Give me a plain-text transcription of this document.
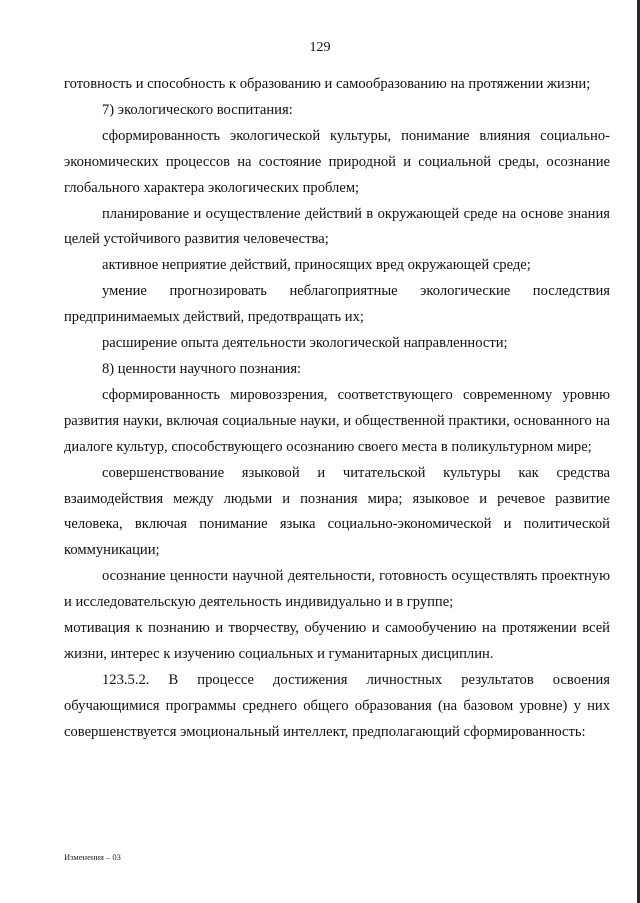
129

готовность и способность к образованию и самообразованию на протяжении жизни;

7) экологического воспитания:

сформированность экологической культуры, понимание влияния социально-экономических процессов на состояние природной и социальной среды, осознание глобального характера экологических проблем;

планирование и осуществление действий в окружающей среде на основе знания целей устойчивого развития человечества;

активное неприятие действий, приносящих вред окружающей среде;

умение прогнозировать неблагоприятные экологические последствия предпринимаемых действий, предотвращать их;

расширение опыта деятельности экологической направленности;

8) ценности научного познания:

сформированность мировоззрения, соответствующего современному уровню развития науки, включая социальные науки, и общественной практики, основанного на диалоге культур, способствующего осознанию своего места в поликультурном мире;

совершенствование языковой и читательской культуры как средства взаимодействия между людьми и познания мира; языковое и речевое развитие человека, включая понимание языка социально-экономической и политической коммуникации;

осознание ценности научной деятельности, готовность осуществлять проектную и исследовательскую деятельность индивидуально и в группе;

мотивация к познанию и творчеству, обучению и самообучению на протяжении всей жизни, интерес к изучению социальных и гуманитарных дисциплин.

123.5.2. В процессе достижения личностных результатов освоения обучающимися программы среднего общего образования (на базовом уровне) у них совершенствуется эмоциональный интеллект, предполагающий сформированность:

Изменения – 03
